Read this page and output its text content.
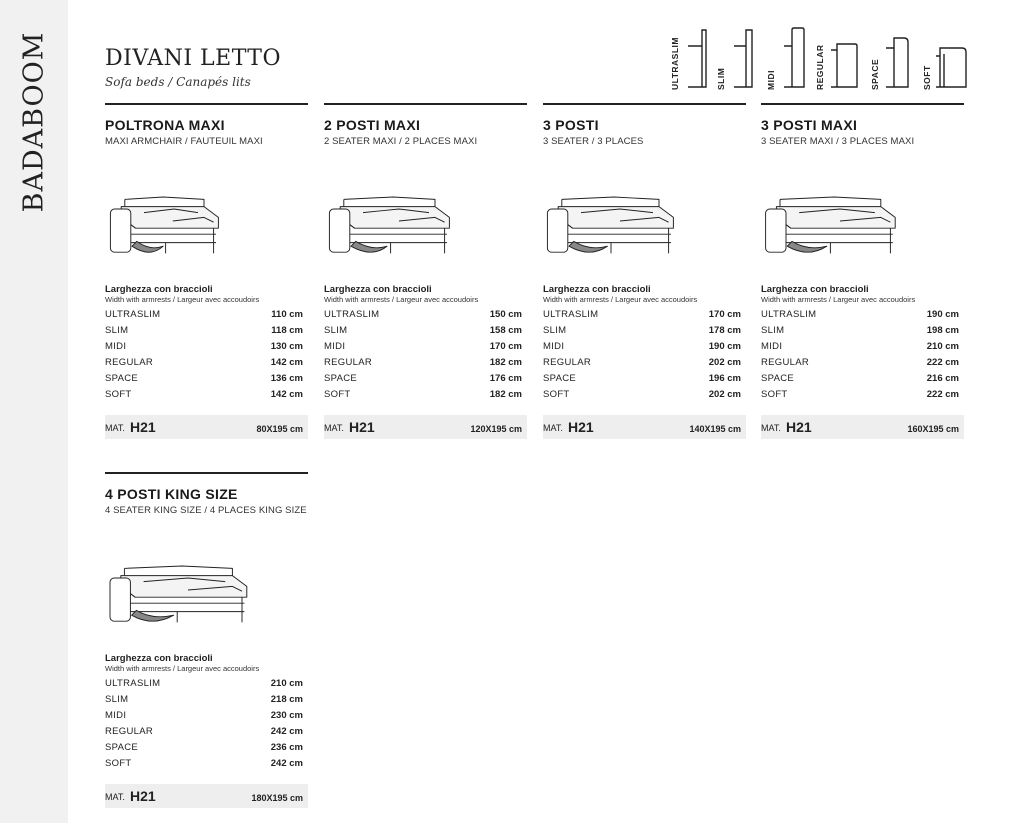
BADABOOM	DIVANI LETTO
Sofa beds / Canapés lits	ULTRASLIM	SLIM	MIDI	REGULAR	SPACE	SOFT
POLTRONA MAXI
MAXI ARMCHAIR / FAUTEUIL MAXI
Larghezza con braccioli
Width with armrests / Largeur avec accoudoirs
ULTRASLIM	110 cm
SLIM	118 cm
MIDI	130 cm
REGULAR	142 cm
SPACE	136 cm
SOFT	142 cm
MAT. H21	80X195 cm
2 POSTI MAXI
2 SEATER MAXI / 2 PLACES MAXI
Larghezza con braccioli
Width with armrests / Largeur avec accoudoirs
ULTRASLIM	150 cm
SLIM	158 cm
MIDI	170 cm
REGULAR	182 cm
SPACE	176 cm
SOFT	182 cm
MAT. H21	120X195 cm
3 POSTI
3 SEATER / 3 PLACES
Larghezza con braccioli
Width with armrests / Largeur avec accoudoirs
ULTRASLIM	170 cm
SLIM	178 cm
MIDI	190 cm
REGULAR	202 cm
SPACE	196 cm
SOFT	202 cm
MAT. H21	140X195 cm
3 POSTI MAXI
3 SEATER MAXI / 3 PLACES MAXI
Larghezza con braccioli
Width with armrests / Largeur avec accoudoirs
ULTRASLIM	190 cm
SLIM	198 cm
MIDI	210 cm
REGULAR	222 cm
SPACE	216 cm
SOFT	222 cm
MAT. H21	160X195 cm
4 POSTI KING SIZE
4 SEATER KING SIZE / 4 PLACES KING SIZE
Larghezza con braccioli
Width with armrests / Largeur avec accoudoirs
ULTRASLIM	210 cm
SLIM	218 cm
MIDI	230 cm
REGULAR	242 cm
SPACE	236 cm
SOFT	242 cm
MAT. H21	180X195 cm
